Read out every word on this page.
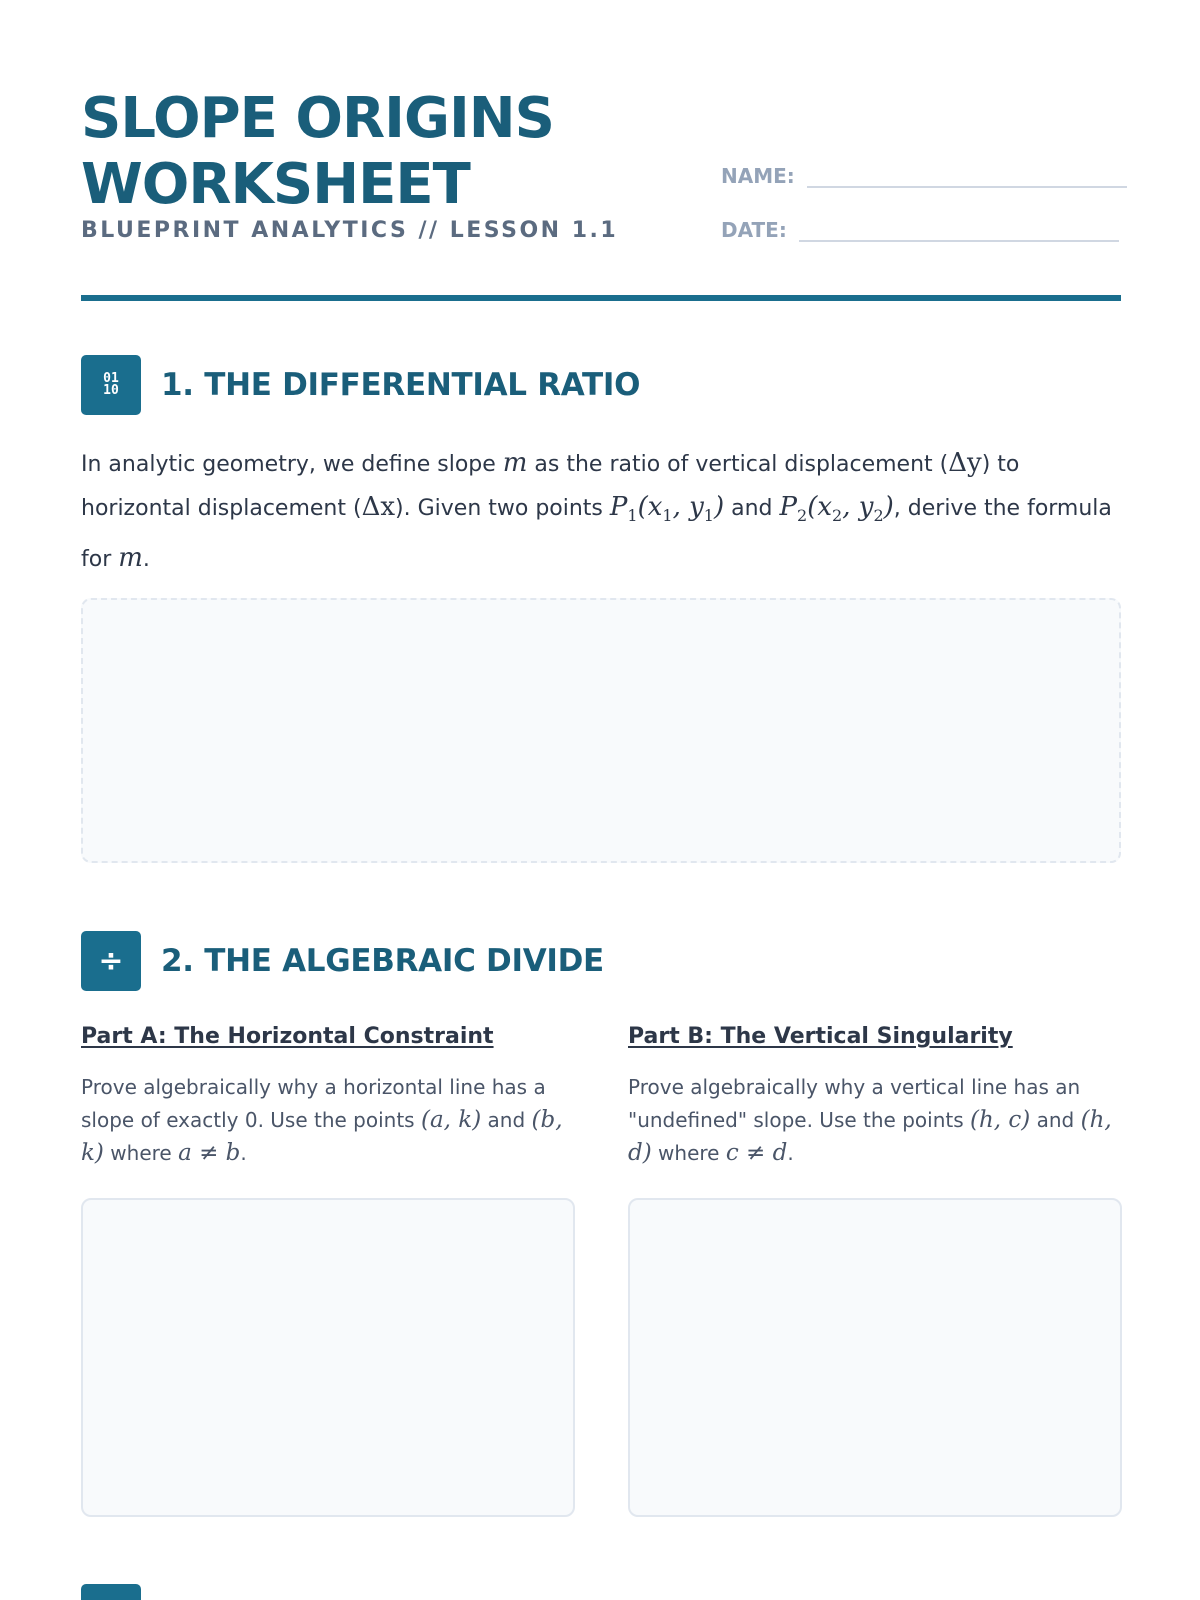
SLOPE ORIGINS
WORKSHEET
BLUEPRINT ANALYTICS // LESSON 1.1
NAME:
DATE:
01
10 1. THE DIFFERENTIAL RATIO
In analytic geometry, we define slope m as the ratio of vertical displacement (Δy) to horizontal displacement (Δx). Given two points $P_1(x_1$, $y_1$) and $P_2(x_2$, $y_2$), derive the formula for m.
÷	2. THE ALGEBRAIC DIVIDE
Part A: The Horizontal Constraint
Prove algebraically why a horizontal line has a slope of exactly 0. Use the points (a, k) and (b, k) where a ≠ b.
Part B: The Vertical Singularity
Prove algebraically why a vertical line has an "undefined" slope. Use the points (h, c) and (h, d) where c ≠ d.
